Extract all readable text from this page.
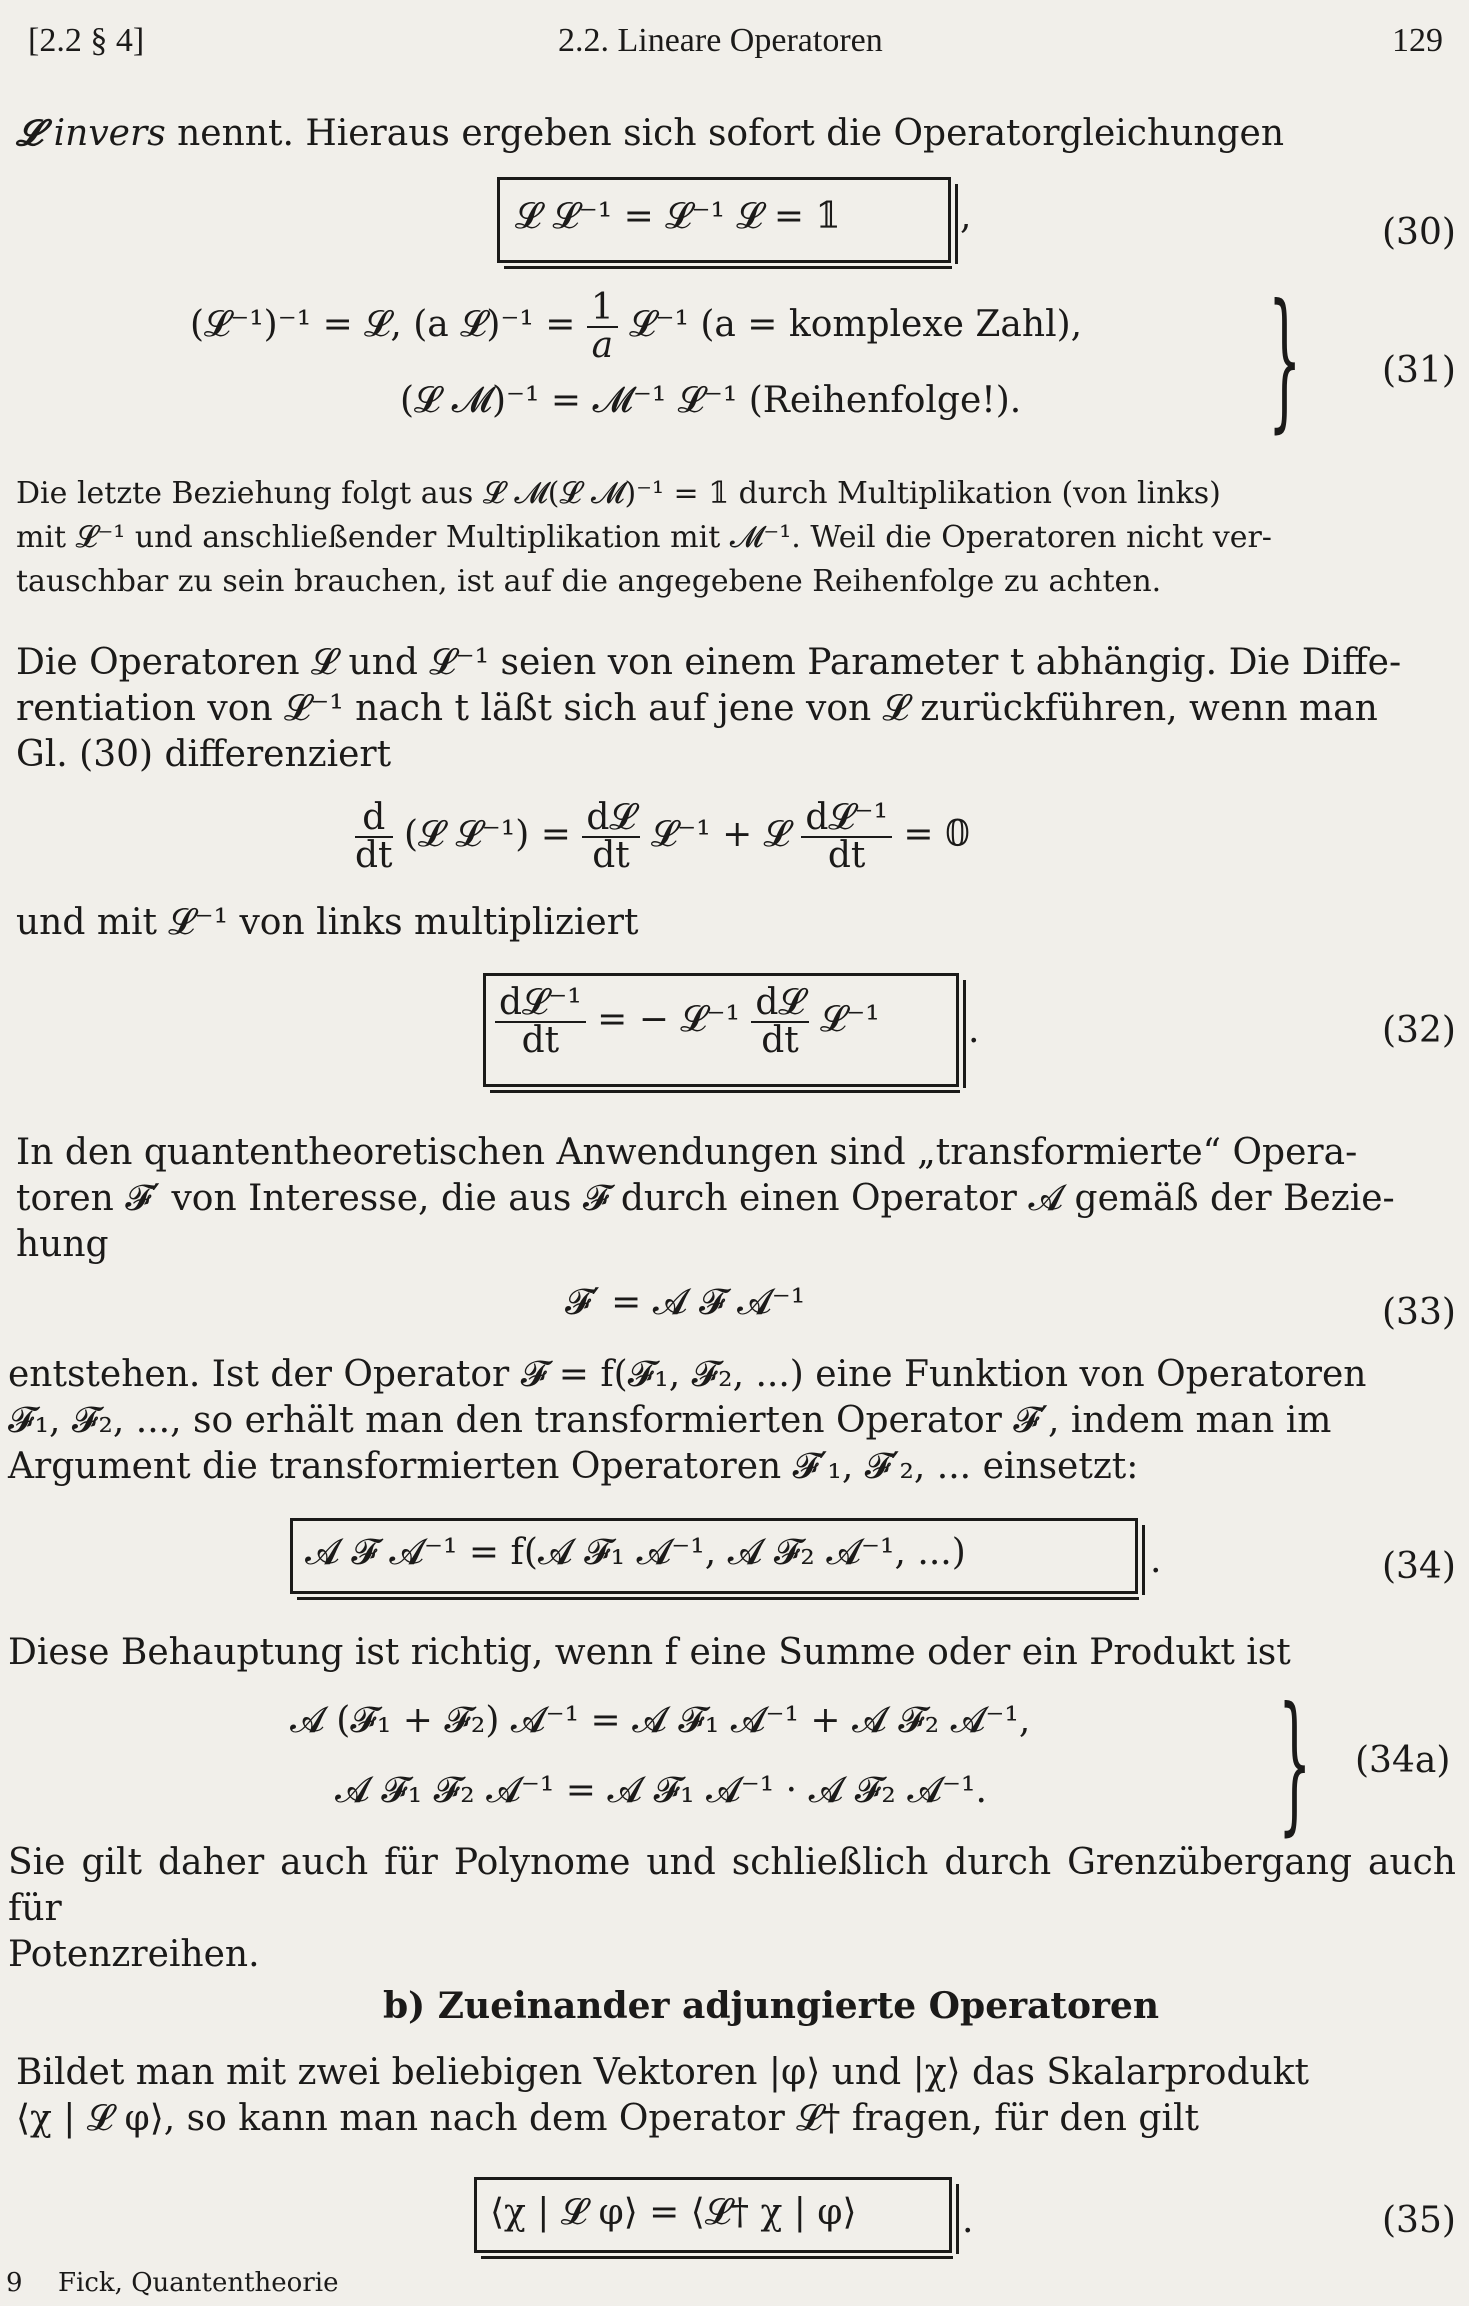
[2.2 § 4]	2.2. Lineare Operatoren	129
𝓛 invers nennt. Hieraus ergeben sich sofort die Operatorgleichungen
𝓛 𝓛⁻¹ = 𝓛⁻¹ 𝓛 = 𝟙	,	(30)
(𝓛⁻¹)⁻¹ = 𝓛, (a 𝓛)⁻¹ = $\frac{1}{a}$ 𝓛⁻¹ (a = komplexe Zahl),
(𝓛 𝓜)⁻¹ = 𝓜⁻¹ 𝓛⁻¹ (Reihenfolge!). } (31)
Die letzte Beziehung folgt aus 𝓛 𝓜(𝓛 𝓜)⁻¹ = 𝟙 durch Multiplikation (von links)
mit 𝓛⁻¹ und anschließender Multiplikation mit 𝓜⁻¹. Weil die Operatoren nicht ver-
tauschbar zu sein brauchen, ist auf die angegebene Reihenfolge zu achten.
Die Operatoren 𝓛 und 𝓛⁻¹ seien von einem Parameter t abhängig. Die Diffe-
rentiation von 𝓛⁻¹ nach t läßt sich auf jene von 𝓛 zurückführen, wenn man
Gl. (30) differenziert
$\frac{d}{dt}$ (𝓛 𝓛⁻¹) = $\frac{\text{d𝓛}}{dt}$ 𝓛⁻¹ + 𝓛 $\frac{\text{d𝓛⁻¹}}{dt}$ = 𝟘
und mit 𝓛⁻¹ von links multipliziert
$\frac{\text{d𝓛⁻¹}}{dt}$ = − 𝓛⁻¹ $\frac{\text{d𝓛}}{dt}$ 𝓛⁻¹ .	(32)
In den quantentheoretischen Anwendungen sind „transformierte“ Opera-
toren 𝓕′ von Interesse, die aus 𝓕 durch einen Operator 𝓐 gemäß der Bezie-
hung
𝓕′ = 𝓐 𝓕 𝓐⁻¹	(33)
entstehen. Ist der Operator 𝓕 = f(𝓕₁, 𝓕₂, ...) eine Funktion von Operatoren
𝓕₁, 𝓕₂, ..., so erhält man den transformierten Operator 𝓕′, indem man im
Argument die transformierten Operatoren 𝓕′₁, 𝓕′₂, ... einsetzt:
𝓐 𝓕 𝓐⁻¹ = f(𝓐 𝓕₁ 𝓐⁻¹, 𝓐 𝓕₂ 𝓐⁻¹, ...)	.	(34)
Diese Behauptung ist richtig, wenn f eine Summe oder ein Produkt ist
𝓐 (𝓕₁ + 𝓕₂) 𝓐⁻¹ = 𝓐 𝓕₁ 𝓐⁻¹ + 𝓐 𝓕₂ 𝓐⁻¹,
𝓐 𝓕₁ 𝓕₂ 𝓐⁻¹ = 𝓐 𝓕₁ 𝓐⁻¹ · 𝓐 𝓕₂ 𝓐⁻¹. } (34a)
Sie gilt daher auch für Polynome und schließlich durch Grenzübergang auch für
Potenzreihen.
b) Zueinander adjungierte Operatoren
Bildet man mit zwei beliebigen Vektoren |φ⟩ und |χ⟩ das Skalarprodukt
⟨χ | 𝓛 φ⟩, so kann man nach dem Operator 𝓛† fragen, für den gilt
⟨χ | 𝓛 φ⟩ = ⟨𝓛† χ | φ⟩	.	(35)
9 Fick, Quantentheorie
